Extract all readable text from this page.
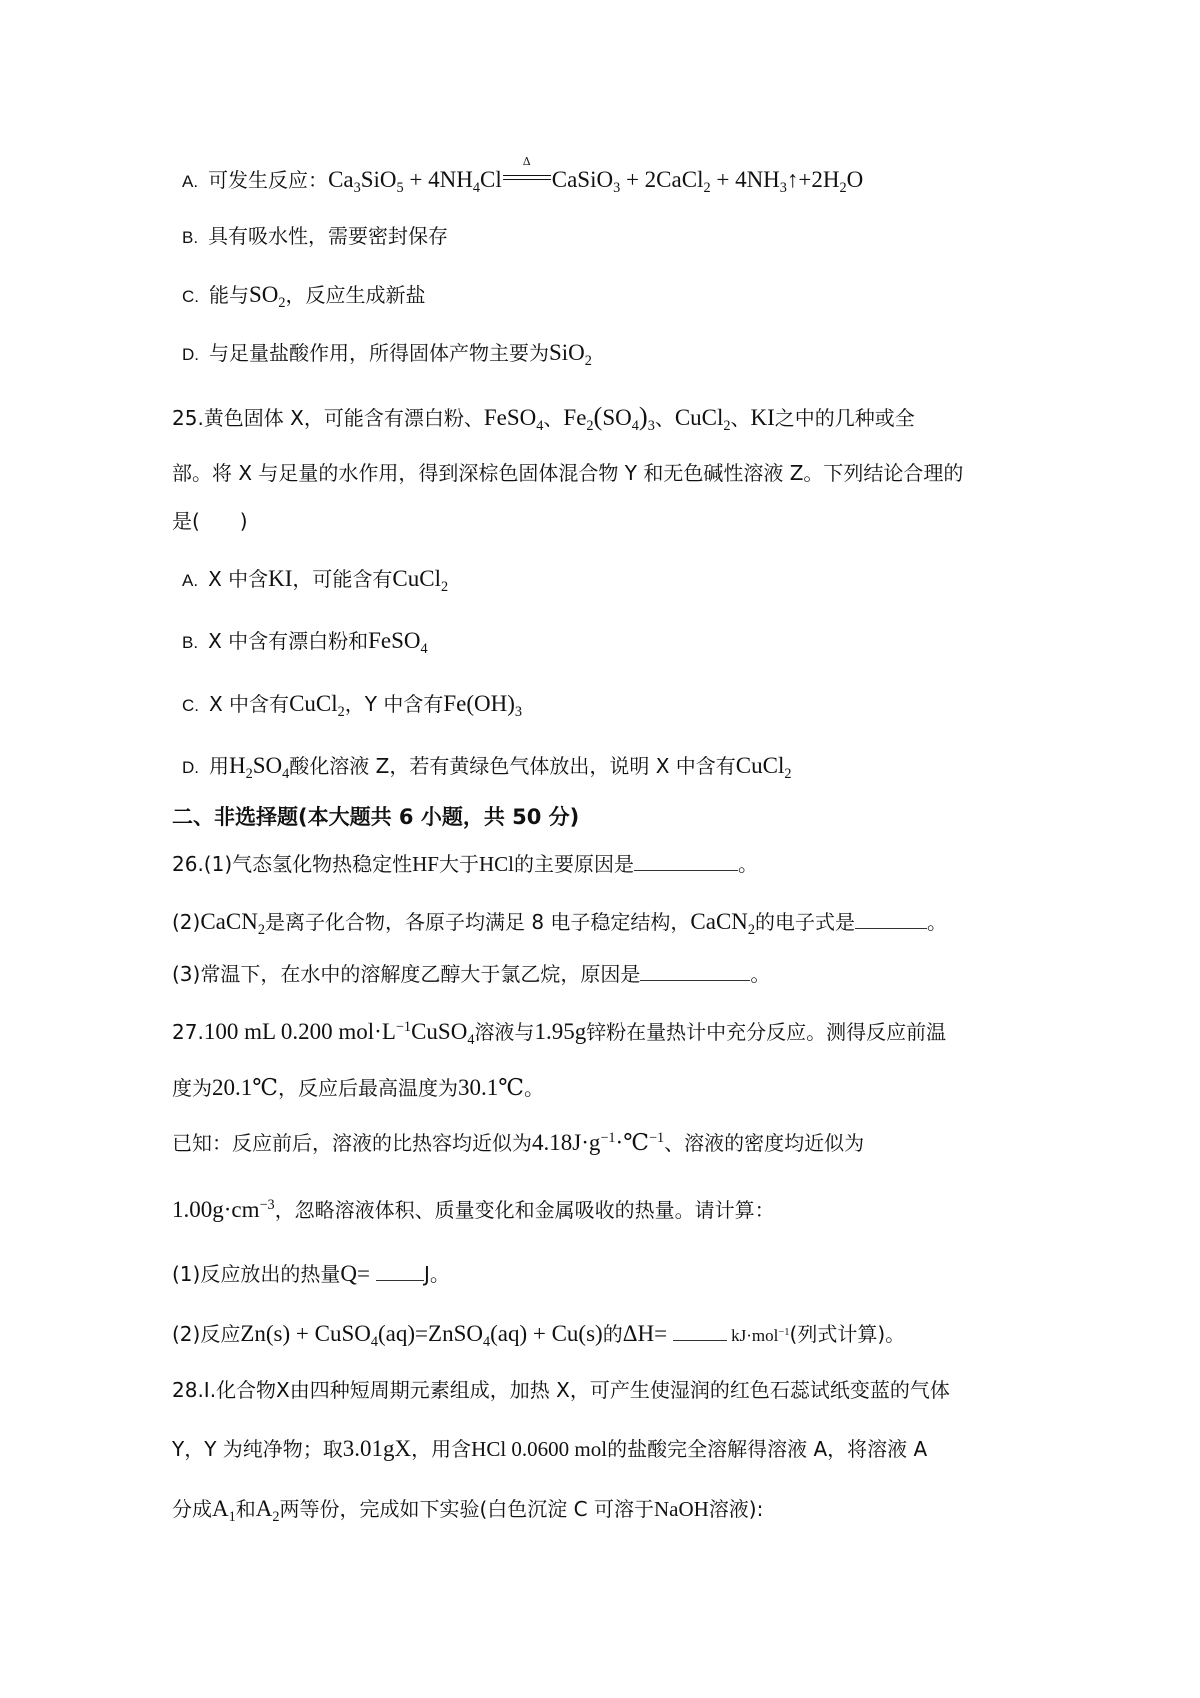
A. 可发生反应：$Ca_3SiO_5 + 4NH_4Cl$
Δ
CaSiO$_3$ + 2CaCl$_2$ + $4NH_3↑+2H_2O$
B. 具有吸水性，需要密封保存
C. 能与$SO_2$，反应生成新盐
D. 与足量盐酸作用，所得固体产物主要为SiO$_2$
25.黄色固体 X，可能含有漂白粉、FeSO$_4$、$Fe_2(SO_4)_3$、CuCl$_2$、KI之中的几种或全
部。将 X 与足量的水作用，得到深棕色固体混合物 Y 和无色碱性溶液 Z。下列结论合理的
是(　　)
A. X 中含KI，可能含有CuCl$_2$
B. X 中含有漂白粉和FeSO$_4$
C. X 中含有CuCl$_2$，Y 中含有$Fe(OH)_3$
D. 用$H_2SO_4$酸化溶液 Z，若有黄绿色气体放出，说明 X 中含有CuCl$_2$
二、非选择题(本大题共 6 小题，共 50 分)
26.(1)气态氢化物热稳定性HF大于HCl的主要原因是	。
(2)CaCN$_2$是离子化合物，各原子均满足 8 电子稳定结构，CaCN$_2$的电子式是	。
(3)常温下，在水中的溶解度乙醇大于氯乙烷，原因是	。
27.100 mL 0.200 $mol\cdot L^{-1}CuSO_4$溶液与1.95g锌粉在量热计中充分反应。测得反应前温
度为20.1℃，反应后最高温度为30.1℃。
已知：反应前后，溶液的比热容均近似为$4.18J\cdot g^{-1}\cdot℃^{-1}$、溶液的密度均近似为
$1.00g\cdot cm^{-3}$，忽略溶液体积、质量变化和金属吸收的热量。请计算：
(1)反应放出的热量Q=	J。
(2)反应Zn(s) + CuSO$_4$(aq)=ZnSO$_4$(aq) + Cu(s)的ΔH=	kJ·mol$^{-1}$(列式计算)。
28.Ⅰ.化合物Ⅹ由四种短周期元素组成，加热 X，可产生使湿润的红色石蕊试纸变蓝的气体
Y，Y 为纯净物；取3.01gX，用含HCl 0.0600 mol的盐酸完全溶解得溶液 A，将溶液 A
分成$A_1$和$A_2$两等份，完成如下实验(白色沉淀 C 可溶于NaOH溶液):
